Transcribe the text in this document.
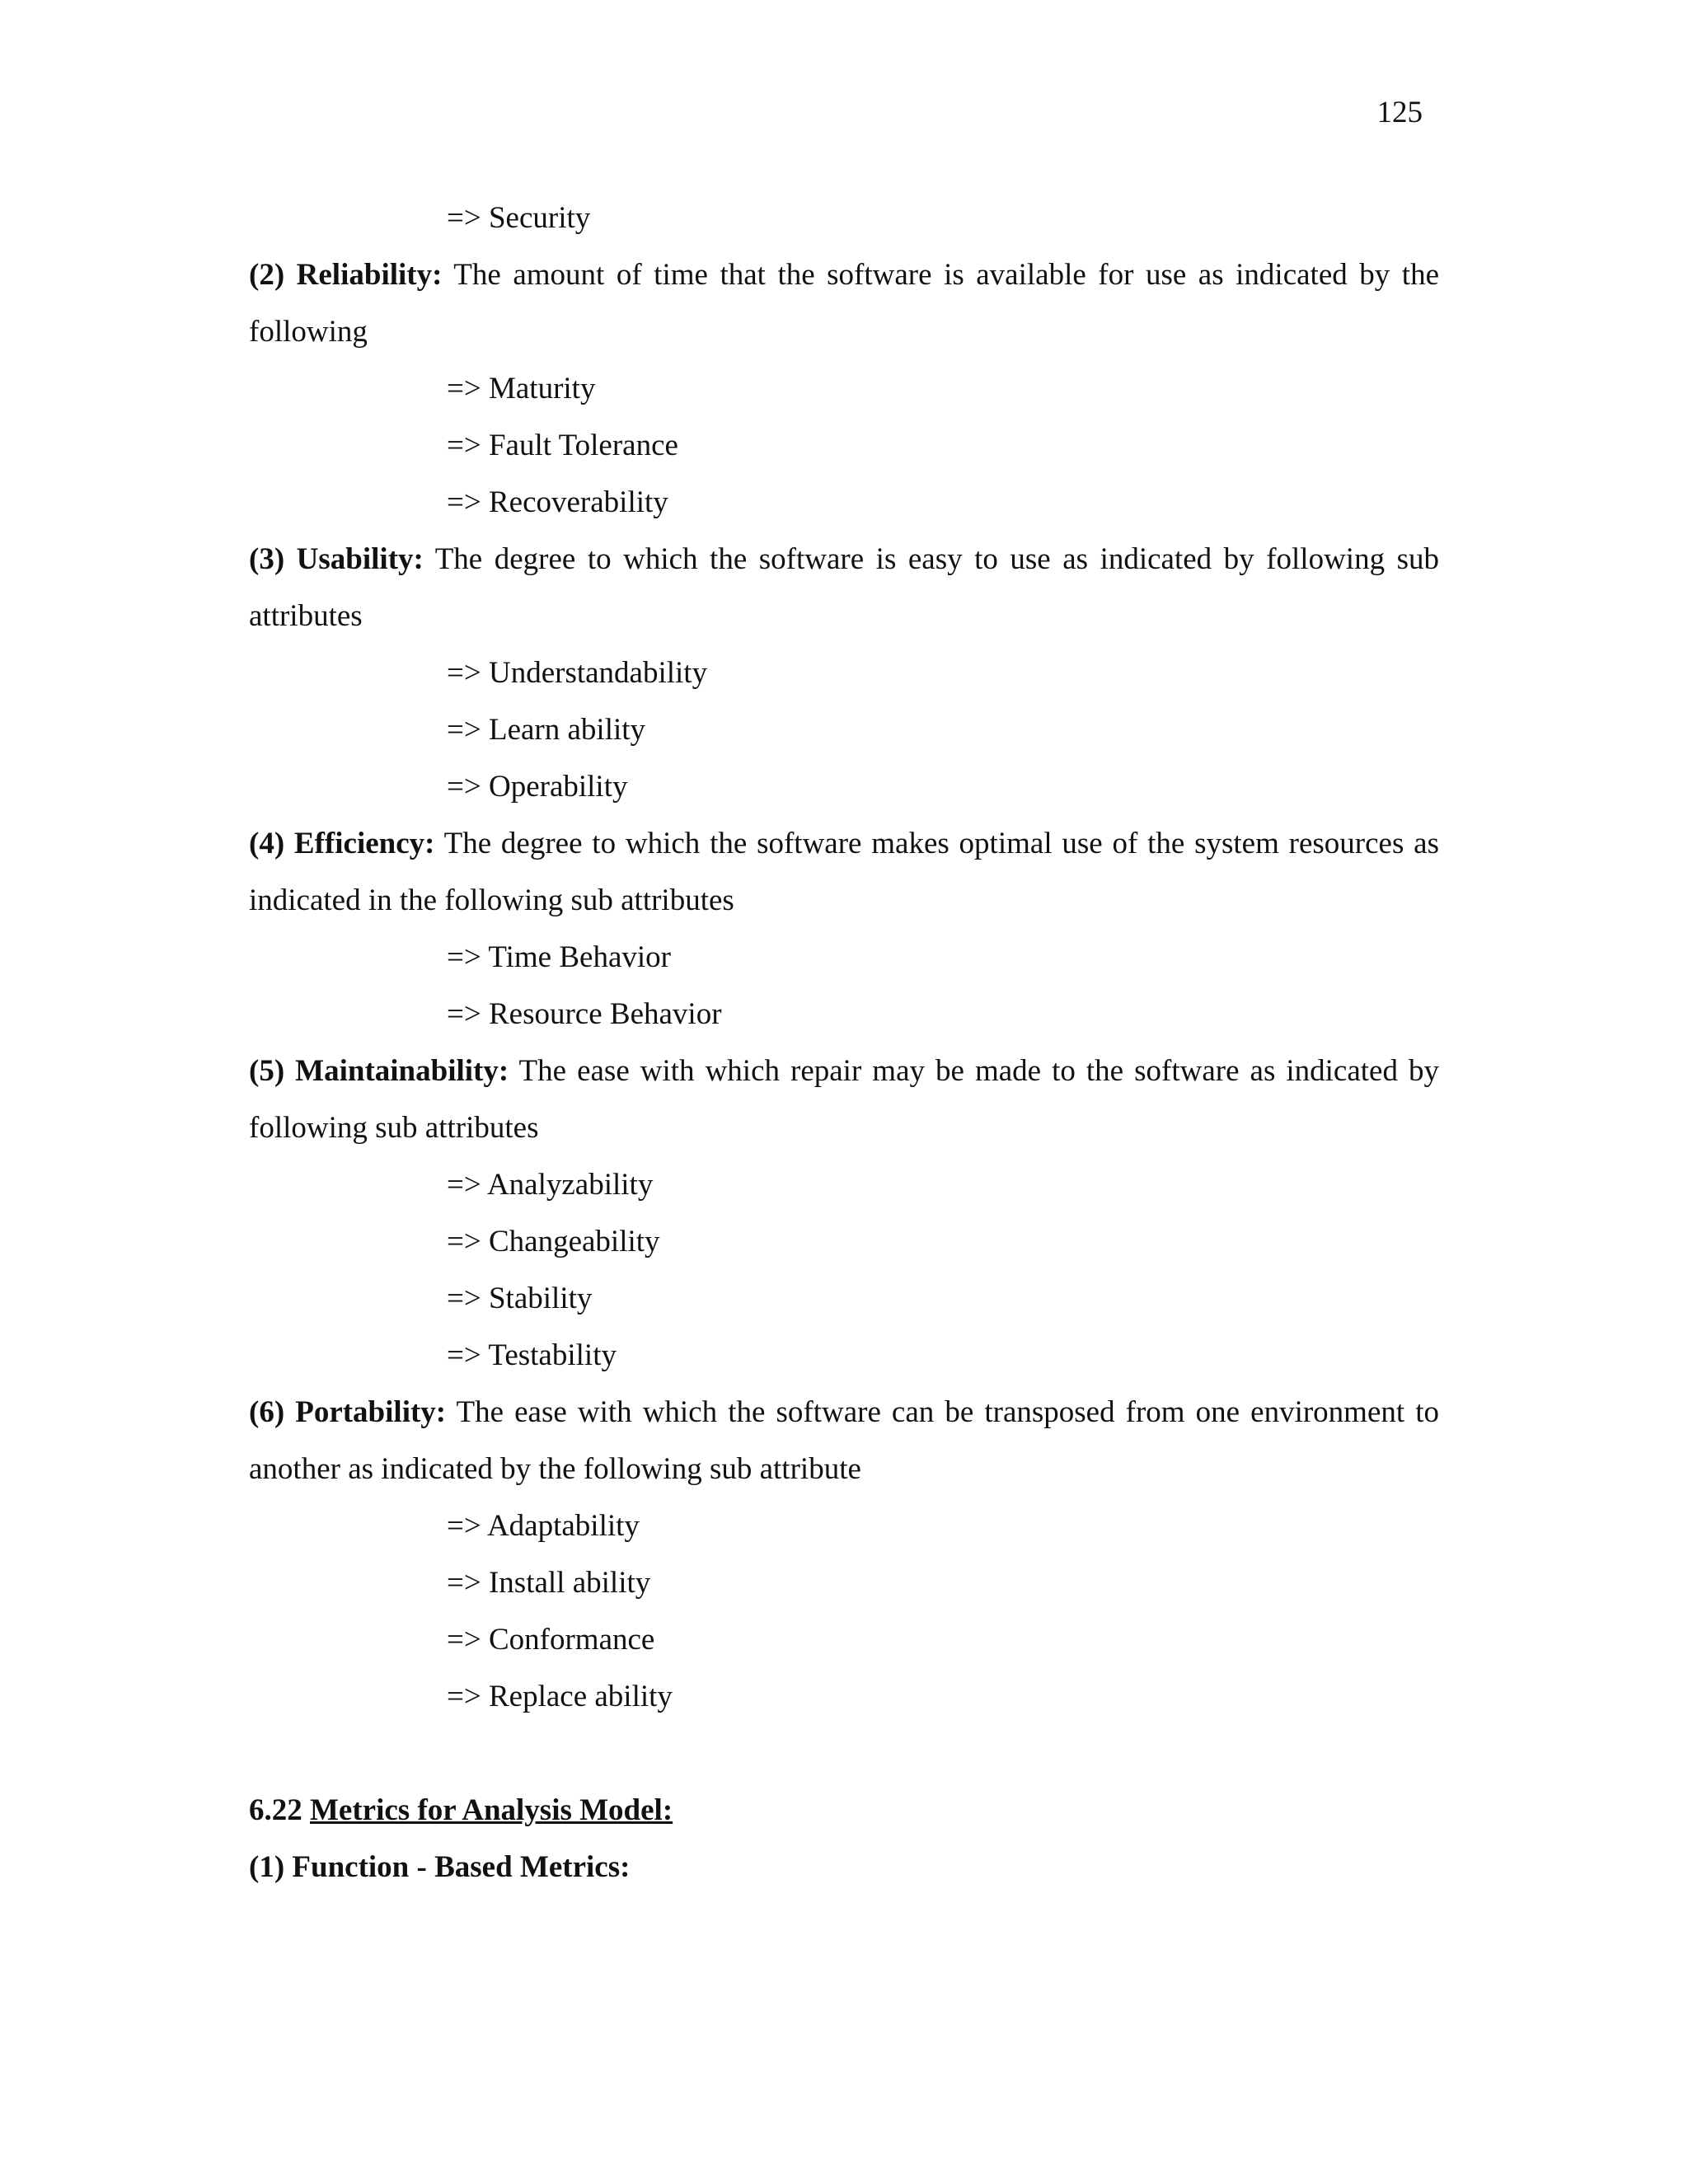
125
=> Security
(2) Reliability: The amount of time that the software is available for use as indicated by the following
=> Maturity
=> Fault Tolerance
=> Recoverability
(3) Usability: The degree to which the software is easy to use as indicated by following sub attributes
=> Understandability
=> Learn ability
=> Operability
(4) Efficiency: The degree to which the software makes optimal use of the system resources as indicated in the following sub attributes
=> Time Behavior
=> Resource Behavior
(5) Maintainability: The ease with which repair may be made to the software as indicated by following sub attributes
=> Analyzability
=> Changeability
=> Stability
=> Testability
(6) Portability: The ease with which the software can be transposed from one environment to another as indicated by the following sub attribute
=> Adaptability
=> Install ability
=> Conformance
=> Replace ability
6.22 Metrics for Analysis Model:
(1) Function - Based Metrics:
